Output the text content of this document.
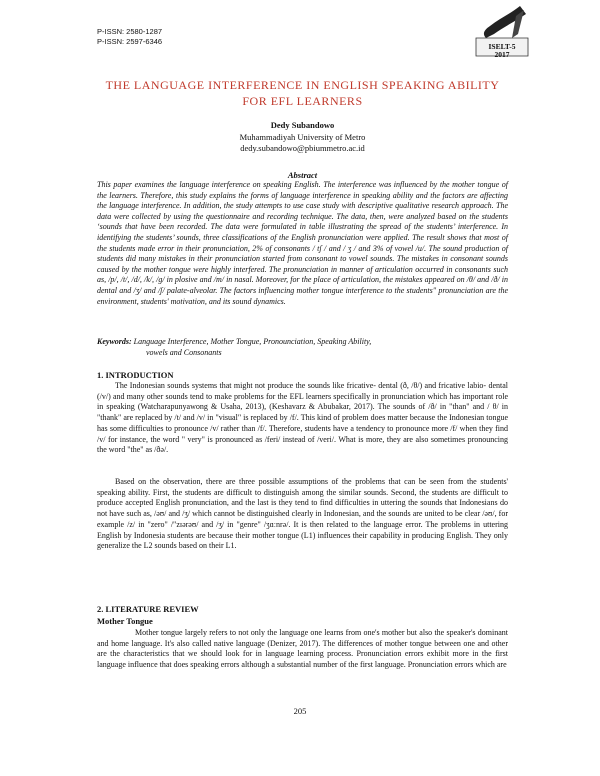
P-ISSN: 2580-1287
P-ISSN: 2597-6346
ISELT-5
2017
THE LANGUAGE INTERFERENCE IN ENGLISH SPEAKING ABILITY FOR EFL LEARNERS
Dedy Subandowo
Muhammadiyah University of Metro
dedy.subandowo@pbiummetro.ac.id
Abstract
This paper examines the language interference on speaking English. The interference was influenced by the mother tongue of the learners. Therefore, this study explains the forms of language interference in speaking ability and the factors are affecting the language interference. In addition, the study attempts to use case study with descriptive qualitative research approach. The data were collected by using the questionnaire and recording technique. The data, then, were analyzed based on the students ‘sounds that have been recorded. The data were formulated in table illustrating the spread of the students’ interference. In identifying the students’ sounds, three classifications of the English pronunciation were applied. The result shows that most of the students made error in their pronunciation, 2% of consonants / tʃ / and / ʒ / and 3% of vowel /u/. The sound production of students did many mistakes in their pronunciation started from consonant to vowel sounds. The mistakes in consonant sounds caused by the mother tongue were highly interfered. The pronunciation in manner of articulation occurred in consonants such as, /p/, /t/, /d/, /k/, /g/ in plosive and /m/ in nasal. Moreover, for the place of articulation, the mistakes appeared on /θ/ and /ð/ in dental and /ʒ/ and /ʃ/ palate-alveolar. The factors influencing mother tongue interference to the students" pronunciation are the environment, students' motivation, and its sound dynamics.
Keywords: Language Interference, Mother Tongue, Pronounciation, Speaking Ability,
vowels and Consonants
1. INTRODUCTION
The Indonesian sounds systems that might not produce the sounds like fricative- dental (ð, /θ/) and fricative labio- dental (/v/) and many other sounds tend to make problems for the EFL learners specifically in pronunciation which has important role in speaking (Watcharapunyawong & Usaha, 2013), (Keshavarz & Abubakar, 2017). The sounds of /ð/ in "than" and / θ/ in "thank" are replaced by /t/ and /v/ in "visual" is replaced by /f/. This kind of problem does matter because the Indonesian tongue has some difficulties to pronounce /v/ rather than /f/. Therefore, students have a tendency to pronounce more /f/ when they find /v/ for instance, the word " very" is pronounced as /feri/ instead of /veri/. What is more, they are also sometimes pronouncing the word "the" as /ðə/.
Based on the observation, there are three possible assumptions of the problems that can be seen from the students' speaking ability. First, the students are difficult to distinguish among the similar sounds. Second, the students are difficult to produce accepted English pronunciation, and the last is they tend to find difficulties in uttering the sounds that Indonesians do not have such as, /əʊ/ and /ʒ/ which cannot be distinguished clearly in Indonesian, and the sounds are united to be clear /əʊ/, for example /z/ in "zero" /"zɪərəʊ/ and /ʒ/ in "genre" /ʒɑːnrə/. It is then related to the language error. The problems in uttering English by Indonesia students are because their mother tongue (L1) influences their capability in producing English. They only generalize the L2 sounds based on their L1.
2. LITERATURE REVIEW
Mother Tongue
Mother tongue largely refers to not only the language one learns from one's mother but also the speaker's dominant and home language. It's also called native language (Denizer, 2017). The differences of mother tongue between one and other are the characteristics that we should look for in language learning process. Pronunciation errors exhibit more in the first language influence that does speaking errors although a substantial number of the first language. Pronunciation errors which are
205
